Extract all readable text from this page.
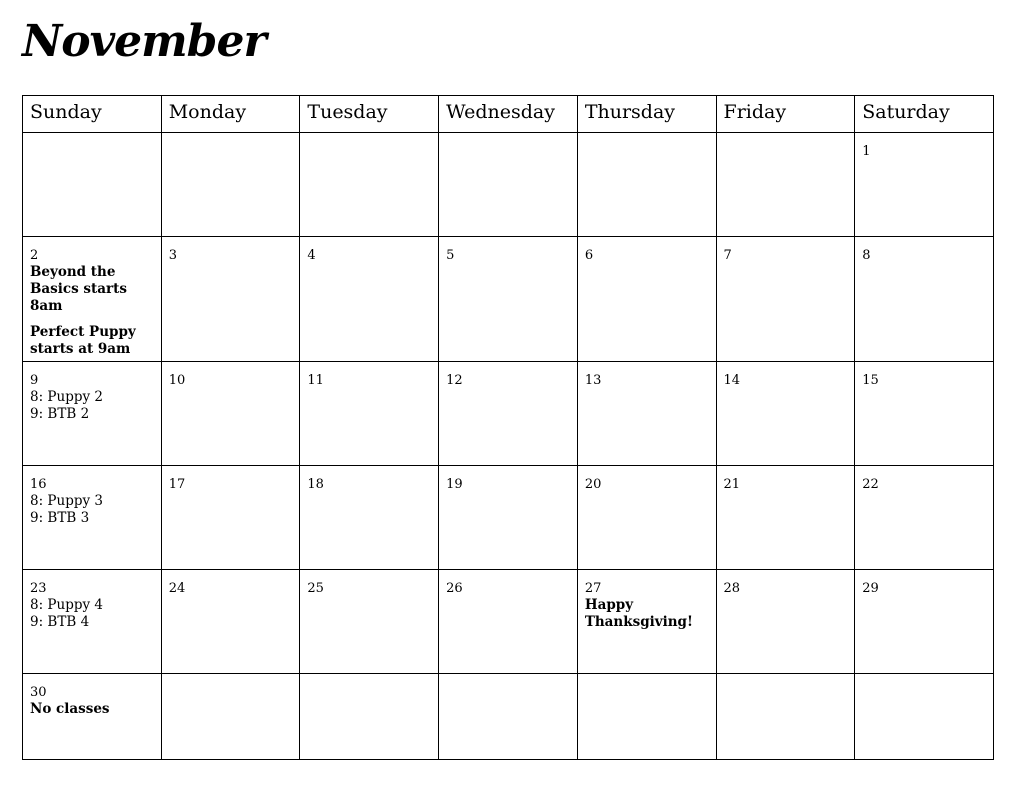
November
Sunday	Monday	Tuesday	Wednesday	Thursday	Friday	Saturday

						1

2
Beyond the Basics starts 8am
Perfect Puppy starts at 9am	3	4	5	6	7	8

9
8: Puppy 2
9: BTB 2	10	11	12	13	14	15

16
8: Puppy 3
9: BTB 3	17	18	19	20	21	22

23
8: Puppy 4
9: BTB 4	24	25	26	27
Happy Thanksgiving!	28	29

30
No classes						
